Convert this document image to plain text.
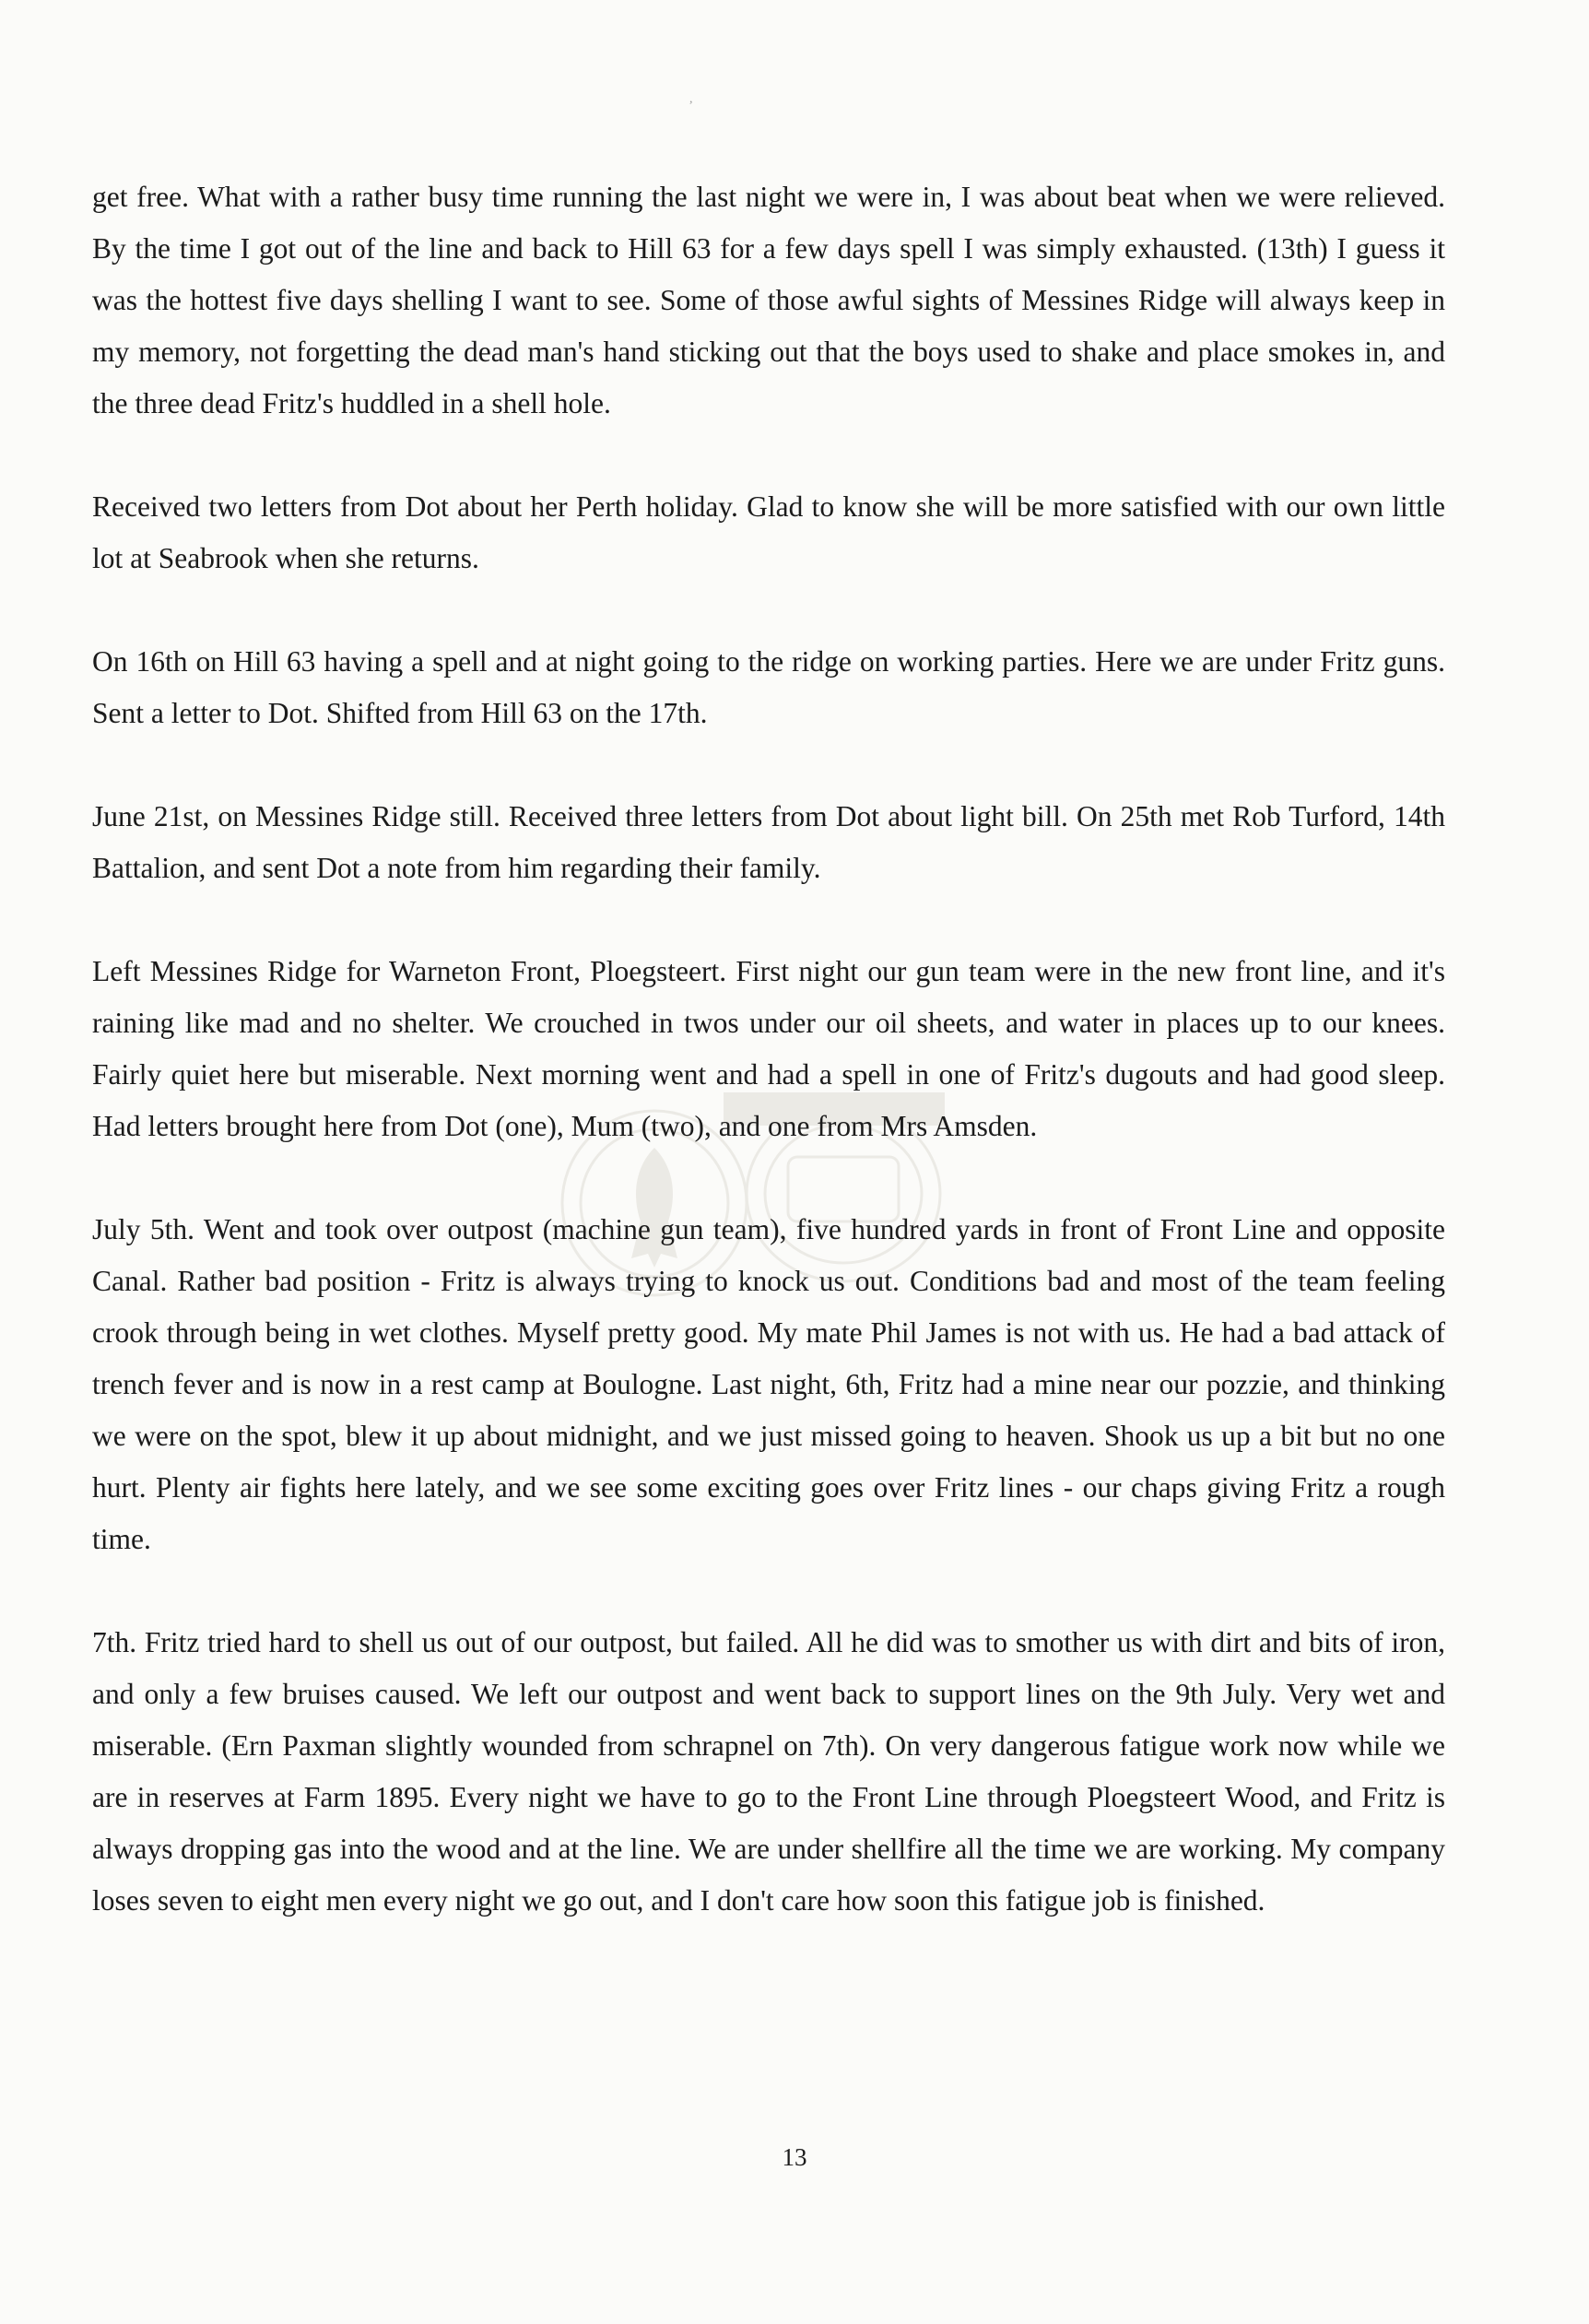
,

get free. What with a rather busy time running the last night we were in, I was about beat when we were relieved. By the time I got out of the line and back to Hill 63 for a few days spell I was simply exhausted. (13th) I guess it was the hottest five days shelling I want to see. Some of those awful sights of Messines Ridge will always keep in my memory, not forgetting the dead man's hand sticking out that the boys used to shake and place smokes in, and the three dead Fritz's huddled in a shell hole.

Received two letters from Dot about her Perth holiday. Glad to know she will be more satisfied with our own little lot at Seabrook when she returns.

On 16th on Hill 63 having a spell and at night going to the ridge on working parties. Here we are under Fritz guns. Sent a letter to Dot. Shifted from Hill 63 on the 17th.

June 21st, on Messines Ridge still. Received three letters from Dot about light bill. On 25th met Rob Turford, 14th Battalion, and sent Dot a note from him regarding their family.

Left Messines Ridge for Warneton Front, Ploegsteert. First night our gun team were in the new front line, and it's raining like mad and no shelter. We crouched in twos under our oil sheets, and water in places up to our knees. Fairly quiet here but miserable. Next morning went and had a spell in one of Fritz's dugouts and had good sleep. Had letters brought here from Dot (one), Mum (two), and one from Mrs Amsden.

July 5th. Went and took over outpost (machine gun team), five hundred yards in front of Front Line and opposite Canal. Rather bad position - Fritz is always trying to knock us out. Conditions bad and most of the team feeling crook through being in wet clothes. Myself pretty good. My mate Phil James is not with us. He had a bad attack of trench fever and is now in a rest camp at Boulogne. Last night, 6th, Fritz had a mine near our pozzie, and thinking we were on the spot, blew it up about midnight, and we just missed going to heaven. Shook us up a bit but no one hurt. Plenty air fights here lately, and we see some exciting goes over Fritz lines - our chaps giving Fritz a rough time.

7th. Fritz tried hard to shell us out of our outpost, but failed. All he did was to smother us with dirt and bits of iron, and only a few bruises caused. We left our outpost and went back to support lines on the 9th July. Very wet and miserable. (Ern Paxman slightly wounded from schrapnel on 7th). On very dangerous fatigue work now while we are in reserves at Farm 1895. Every night we have to go to the Front Line through Ploegsteert Wood, and Fritz is always dropping gas into the wood and at the line. We are under shellfire all the time we are working. My company loses seven to eight men every night we go out, and I don't care how soon this fatigue job is finished.

13
